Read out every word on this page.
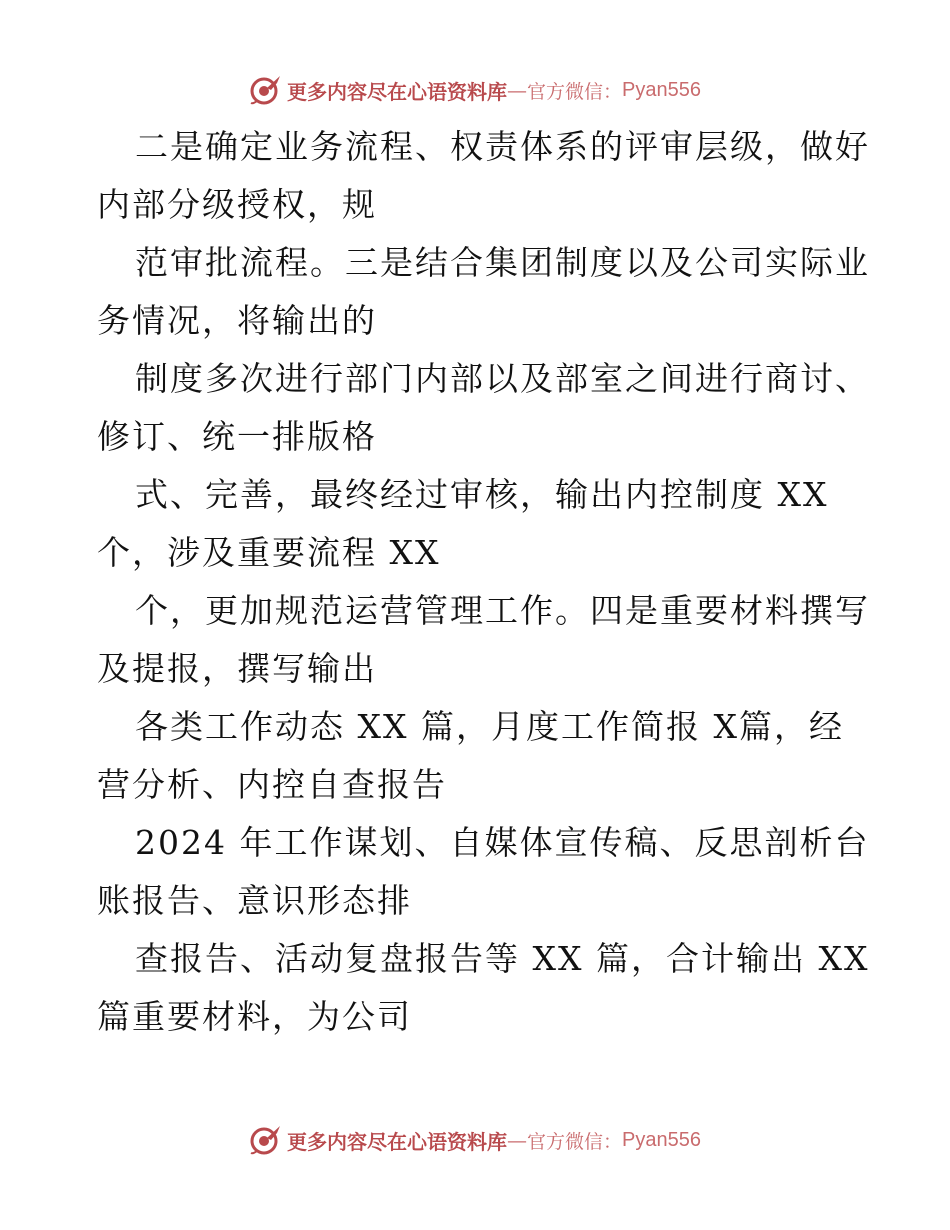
更多内容尽在心语资料库 — 官方微信： Pyan556
二是确定业务流程、权责体系的评审层级，做好
内部分级授权，规
范审批流程。三是结合集团制度以及公司实际业
务情况，将输出的
制度多次进行部门内部以及部室之间进行商讨、
修订、统一排版格
式、完善，最终经过审核，输出内控制度 XX
个，涉及重要流程 XX
个，更加规范运营管理工作。四是重要材料撰写
及提报，撰写输出
各类工作动态 XX 篇，月度工作简报 X篇，经
营分析、内控自查报告
2024 年工作谋划、自媒体宣传稿、反思剖析台
账报告、意识形态排
查报告、活动复盘报告等 XX 篇，合计输出 XX
篇重要材料，为公司
更多内容尽在心语资料库 — 官方微信： Pyan556
